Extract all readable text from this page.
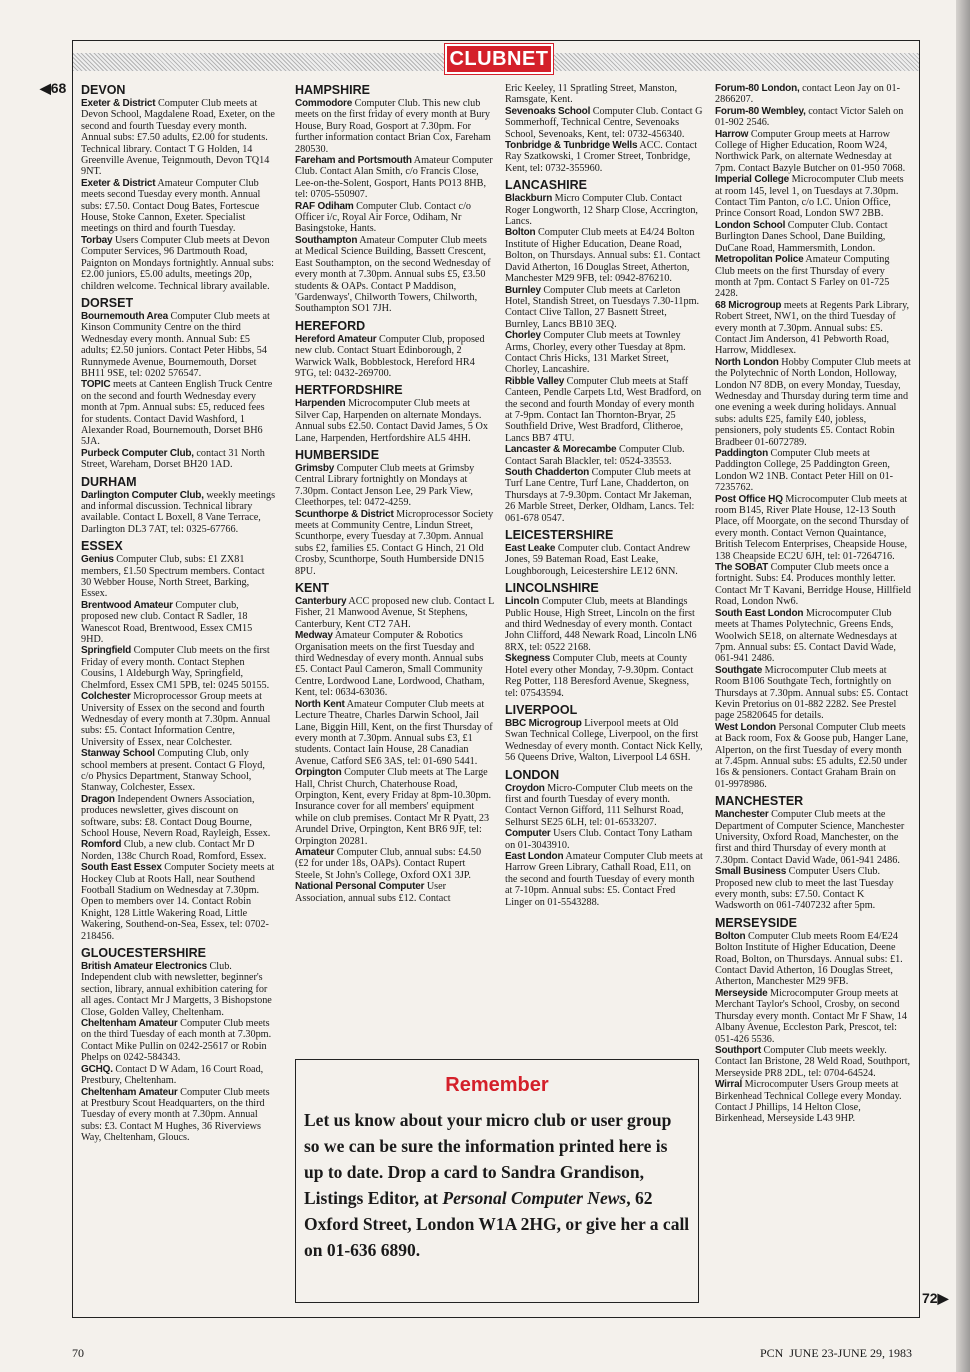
◀68
72▶
CLUBNET
DEVON

Exeter & District Computer Club meets at Devon School, Magdalene Road, Exeter, on the second and fourth Tuesday every month. Annual subs: £7.50 adults, £2.00 for students. Technical library. Contact T G Holden, 14 Greenville Avenue, Teignmouth, Devon TQ14 9NT.

Exeter & District Amateur Computer Club meets second Tuesday every month. Annual subs: £7.50. Contact Doug Bates, Fortescue House, Stoke Cannon, Exeter. Specialist meetings on third and fourth Tuesday.

Torbay Users Computer Club meets at Devon Computer Services, 96 Dartmouth Road, Paignton on Mondays fortnightly. Annual subs: £2.00 juniors, £5.00 adults, meetings 20p, children welcome. Technical library available.

DORSET

Bournemouth Area Computer Club meets at Kinson Community Centre on the third Wednesday every month. Annual Sub: £5 adults; £2.50 juniors. Contact Peter Hibbs, 54 Runnymede Avenue, Bournemouth, Dorset BH11 9SE, tel: 0202 576547.

TOPIC meets at Canteen English Truck Centre on the second and fourth Wednesday every month at 7pm. Annual subs: £5, reduced fees for students. Contact David Washford, 1 Alexander Road, Bournemouth, Dorset BH6 5JA.

Purbeck Computer Club, contact 31 North Street, Wareham, Dorset BH20 1AD.

DURHAM

Darlington Computer Club, weekly meetings and informal discussion. Technical library available. Contact L Boxell, 8 Vane Terrace, Darlington DL3 7AT, tel: 0325-67766.

ESSEX

Genius Computer Club, subs: £1 ZX81 members, £1.50 Spectrum members. Contact 30 Webber House, North Street, Barking, Essex.

Brentwood Amateur Computer club, proposed new club. Contact R Sadler, 18 Wanescot Road, Brentwood, Essex CM15 9HD.

Springfield Computer Club meets on the first Friday of every month. Contact Stephen Cousins, 1 Aldeburgh Way, Springfield, Chelmford, Essex CM1 5PB, tel: 0245 50155.

Colchester Microprocessor Group meets at University of Essex on the second and fourth Wednesday of every month at 7.30pm. Annual subs: £5. Contact Information Centre, University of Essex, near Colchester.

Stanway School Computing Club, only school members at present. Contact G Floyd, c/o Physics Department, Stanway School, Stanway, Colchester, Essex.

Dragon Independent Owners Association, produces newsletter, gives discount on software, subs: £8. Contact Doug Bourne, School House, Nevern Road, Rayleigh, Essex.

Romford Club, a new club. Contact Mr D Norden, 138c Church Road, Romford, Essex.

South East Essex Computer Society meets at Hockey Club at Roots Hall, near Southend Football Stadium on Wednesday at 7.30pm. Open to members over 14. Contact Robin Knight, 128 Little Wakering Road, Little Wakering, Southend-on-Sea, Essex, tel: 0702-218456.

GLOUCESTERSHIRE

British Amateur Electronics Club. Independent club with newsletter, beginner's section, library, annual exhibition catering for all ages. Contact Mr J Margetts, 3 Bishopstone Close, Golden Valley, Cheltenham.

Cheltenham Amateur Computer Club meets on the third Tuesday of each month at 7.30pm. Contact Mike Pullin on 0242-25617 or Robin Phelps on 0242-584343.

GCHQ. Contact D W Adam, 16 Court Road, Prestbury, Cheltenham.

Cheltenham Amateur Computer Club meets at Prestbury Scout Headquarters, on the third Tuesday of every month at 7.30pm. Annual subs: £3. Contact M Hughes, 36 Riverviews Way, Cheltenham, Gloucs.

HAMPSHIRE

Commodore Computer Club. This new club meets on the first friday of every month at Bury House, Bury Road, Gosport at 7.30pm. For further information contact Brian Cox, Fareham 280530.

Fareham and Portsmouth Amateur Computer Club. Contact Alan Smith, c/o Francis Close, Lee-on-the-Solent, Gosport, Hants PO13 8HB, tel: 0705-550907.

RAF Odiham Computer Club. Contact c/o Officer i/c, Royal Air Force, Odiham, Nr Basingstoke, Hants.

Southampton Amateur Computer Club meets at Medical Science Building, Bassett Crescent, East Southampton, on the second Wednesday of every month at 7.30pm. Annual subs £5, £3.50 students & OAPs. Contact P Maddison, 'Gardenways', Chilworth Towers, Chilworth, Southampton SO1 7JH.

HEREFORD

Hereford Amateur Computer Club, proposed new club. Contact Stuart Edinborough, 2 Warwick Walk, Bobblestock, Hereford HR4 9TG, tel: 0432-269700.

HERTFORDSHIRE

Harpenden Microcomputer Club meets at Silver Cap, Harpenden on alternate Mondays. Annual subs £2.50. Contact David James, 5 Ox Lane, Harpenden, Hertfordshire AL5 4HH.

HUMBERSIDE

Grimsby Computer Club meets at Grimsby Central Library fortnightly on Mondays at 7.30pm. Contact Jenson Lee, 29 Park View, Cleethorpes, tel: 0472-4259.

Scunthorpe & District Microprocessor Society meets at Community Centre, Lindun Street, Scunthorpe, every Tuesday at 7.30pm. Annual subs £2, families £5. Contact G Hinch, 21 Old Crosby, Scunthorpe, South Humberside DN15 8PU.

KENT

Canterbury ACC proposed new club. Contact L Fisher, 21 Manwood Avenue, St Stephens, Canterbury, Kent CT2 7AH.

Medway Amateur Computer & Robotics Organisation meets on the first Tuesday and third Wednesday of every month. Annual subs £5. Contact Paul Cameron, Small Community Centre, Lordwood Lane, Lordwood, Chatham, Kent, tel: 0634-63036.

North Kent Amateur Computer Club meets at Lecture Theatre, Charles Darwin School, Jail Lane, Biggin Hill, Kent, on the first Thursday of every month at 7.30pm. Annual subs £3, £1 students. Contact Iain House, 28 Canadian Avenue, Catford SE6 3AS, tel: 01-690 5441.

Orpington Computer Club meets at The Large Hall, Christ Church, Chaterhouse Road, Orpington, Kent, every Friday at 8pm-10.30pm. Insurance cover for all members' equipment while on club premises. Contact Mr R Pyatt, 23 Arundel Drive, Orpington, Kent BR6 9JF, tel: Orpington 20281.

Amateur Computer Club, annual subs: £4.50 (£2 for under 18s, OAPs). Contact Rupert Steele, St John's College, Oxford OX1 3JP.

National Personal Computer User Association, annual subs £12. Contact

Eric Keeley, 11 Spratling Street, Manston, Ramsgate, Kent.

Sevenoaks School Computer Club. Contact G Sommerhoff, Technical Centre, Sevenoaks School, Sevenoaks, Kent, tel: 0732-456340.

Tonbridge & Tunbridge Wells ACC. Contact Ray Szatkowski, 1 Cromer Street, Tonbridge, Kent, tel: 0732-355960.

LANCASHIRE

Blackburn Micro Computer Club. Contact Roger Longworth, 12 Sharp Close, Accrington, Lancs.

Bolton Computer Club meets at E4/24 Bolton Institute of Higher Education, Deane Road, Bolton, on Thursdays. Annual subs: £1. Contact David Atherton, 16 Douglas Street, Atherton, Manchester M29 9FB, tel: 0942-876210.

Burnley Computer Club meets at Carleton Hotel, Standish Street, on Tuesdays 7.30-11pm. Contact Clive Tallon, 27 Basnett Street, Burnley, Lancs BB10 3EQ.

Chorley Computer Club meets at Townley Arms, Chorley, every other Tuesday at 8pm. Contact Chris Hicks, 131 Market Street, Chorley, Lancashire.

Ribble Valley Computer Club meets at Staff Canteen, Pendle Carpets Ltd, West Bradford, on the second and fourth Monday of every month at 7-9pm. Contact Ian Thornton-Bryar, 25 Southfield Drive, West Bradford, Clitheroe, Lancs BB7 4TU.

Lancaster & Morecambe Computer Club. Contact Sarah Blackler, tel: 0524-33553.

South Chadderton Computer Club meets at Turf Lane Centre, Turf Lane, Chadderton, on Thursdays at 7-9.30pm. Contact Mr Jakeman, 26 Marble Street, Derker, Oldham, Lancs. Tel: 061-678 0547.

LEICESTERSHIRE

East Leake Computer club. Contact Andrew Jones, 59 Bateman Road, East Leake, Loughborough, Leicestershire LE12 6NN.

LINCOLNSHIRE

Lincoln Computer Club, meets at Blandings Public House, High Street, Lincoln on the first and third Wednesday of every month. Contact John Clifford, 448 Newark Road, Lincoln LN6 8RX, tel: 0522 2168.

Skegness Computer Club, meets at County Hotel every other Monday, 7-9.30pm. Contact Reg Potter, 118 Beresford Avenue, Skegness, tel: 07543594.

LIVERPOOL

BBC Microgroup Liverpool meets at Old Swan Technical College, Liverpool, on the first Wednesday of every month. Contact Nick Kelly, 56 Queens Drive, Walton, Liverpool L4 6SH.

LONDON

Croydon Micro-Computer Club meets on the first and fourth Tuesday of every month. Contact Vernon Gifford, 111 Selhurst Road, Selhurst SE25 6LH, tel: 01-6533207.

Computer Users Club. Contact Tony Latham on 01-3043910.

East London Amateur Computer Club meets at Harrow Green Library, Cathall Road, E11, on the second and fourth Tuesday of every month at 7-10pm. Annual subs: £5. Contact Fred Linger on 01-5543288.

Forum-80 London, contact Leon Jay on 01-2866207.

Forum-80 Wembley, contact Victor Saleh on 01-902 2546.

Harrow Computer Group meets at Harrow College of Higher Education, Room W24, Northwick Park, on alternate Wednesday at 7pm. Contact Bazyle Butcher on 01-950 7068.

Imperial College Microcomputer Club meets at room 145, level 1, on Tuesdays at 7.30pm. Contact Tim Panton, c/o I.C. Union Office, Prince Consort Road, London SW7 2BB.

London School Computer Club. Contact Burlington Danes School, Dane Building, DuCane Road, Hammersmith, London.

Metropolitan Police Amateur Computing Club meets on the first Thursday of every month at 7pm. Contact S Farley on 01-725 2428.

68 Microgroup meets at Regents Park Library, Robert Street, NW1, on the third Tuesday of every month at 7.30pm. Annual subs: £5. Contact Jim Anderson, 41 Pebworth Road, Harrow, Middlesex.

North London Hobby Computer Club meets at the Polytechnic of North London, Holloway, London N7 8DB, on every Monday, Tuesday, Wednesday and Thursday during term time and one evening a week during holidays. Annual subs: adults £25, family £40, jobless, pensioners, poly students £5. Contact Robin Bradbeer 01-6072789.

Paddington Computer Club meets at Paddington College, 25 Paddington Green, London W2 1NB. Contact Peter Hill on 01-7235762.

Post Office HQ Microcomputer Club meets at room B145, River Plate House, 12-13 South Place, off Moorgate, on the second Thursday of every month. Contact Vernon Quaintance, British Telecom Enterprises, Cheapside House, 138 Cheapside EC2U 6JH, tel: 01-7264716.

The SOBAT Computer Club meets once a fortnight. Subs: £4. Produces monthly letter. Contact Mr T Kavani, Berridge House, Hillfield Road, London Nw6.

South East London Microcomputer Club meets at Thames Polytechnic, Greens Ends, Woolwich SE18, on alternate Wednesdays at 7pm. Annual subs: £5. Contact David Wade, 061-941 2486.

Southgate Microcomputer Club meets at Room B106 Southgate Tech, fortnightly on Thursdays at 7.30pm. Annual subs: £5. Contact Kevin Pretorius on 01-882 2282. See Prestel page 25820645 for details.

West London Personal Computer Club meets at Back room, Fox & Goose pub, Hanger Lane, Alperton, on the first Tuesday of every month at 7.45pm. Annual subs: £5 adults, £2.50 under 16s & pensioners. Contact Graham Brain on 01-9978986.

MANCHESTER

Manchester Computer Club meets at the Department of Computer Science, Manchester University, Oxford Road, Manchester, on the first and third Thursday of every month at 7.30pm. Contact David Wade, 061-941 2486.

Small Business Computer Users Club. Proposed new club to meet the last Tuesday every month, subs: £7.50. Contact K Wadsworth on 061-7407232 after 5pm.

MERSEYSIDE

Bolton Computer Club meets Room E4/E24 Bolton Institute of Higher Education, Deene Road, Bolton, on Thursdays. Annual subs: £1. Contact David Atherton, 16 Douglas Street, Atherton, Manchester M29 9FB.

Merseyside Microcomputer Group meets at Merchant Taylor's School, Crosby, on second Thursday every month. Contact Mr F Shaw, 14 Albany Avenue, Eccleston Park, Prescot, tel: 051-426 5536.

Southport Computer Club meets weekly. Contact Ian Bristone, 28 Weld Road, Southport, Merseyside PR8 2DL, tel: 0704-64524.

Wirral Microcomputer Users Group meets at Birkenhead Technical College every Monday. Contact J Phillips, 14 Helton Close, Birkenhead, Merseyside L43 9HP.

Remember

Let us know about your micro club or user group so we can be sure the information printed here is up to date. Drop a card to Sandra Grandison, Listings Editor, at Personal Computer News, 62 Oxford Street, London W1A 2HG, or give her a call on 01-636 6890.

70	PCN JUNE 23-JUNE 29, 1983
